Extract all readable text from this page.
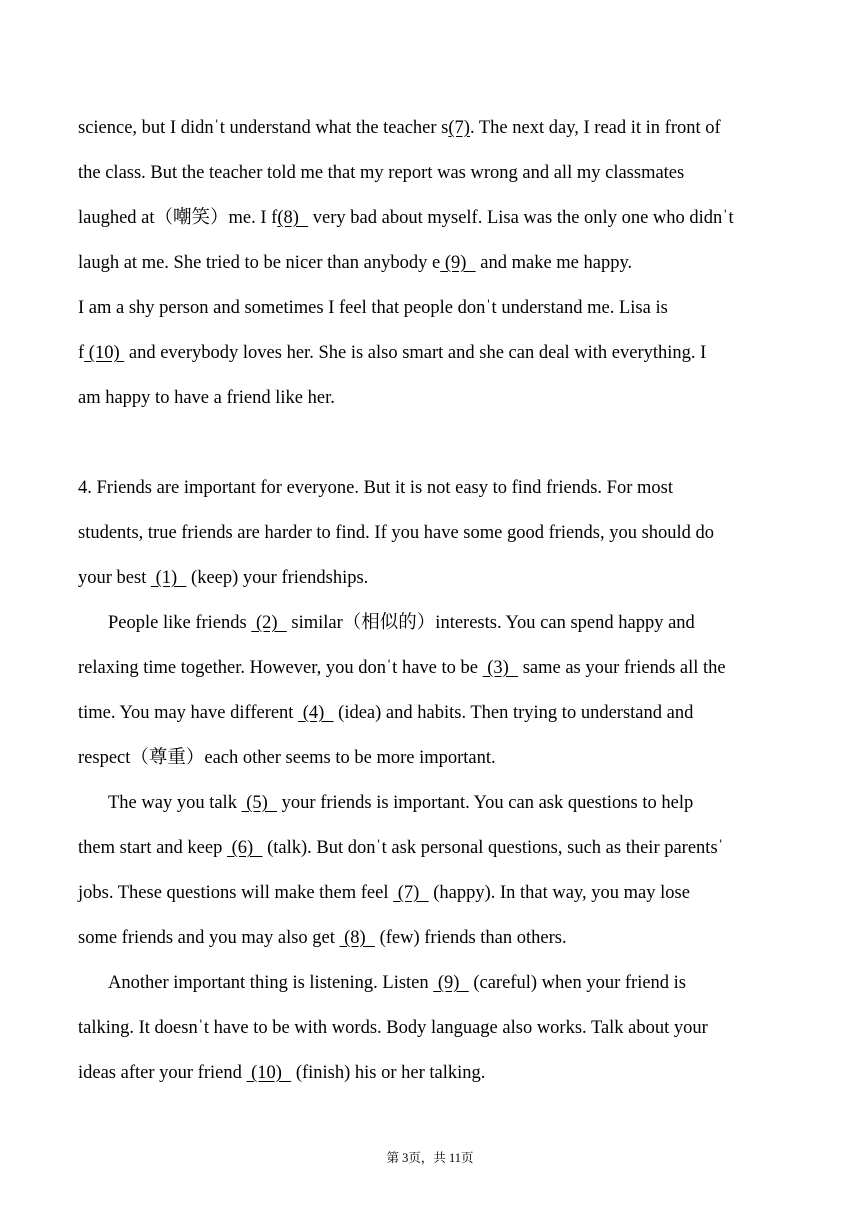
science, but I didnˈt understand what the teacher s(7). The next day, I read it in front of
the class. But the teacher told me that my report was wrong and all my classmates
laughed at（嘲笑）me. I f(8)   very bad about myself. Lisa was the only one who didnˈt
laugh at me. She tried to be nicer than anybody e (9)   and make me happy.
I am a shy person and sometimes I feel that people donˈt understand me. Lisa is
f (10)  and everybody loves her. She is also smart and she can deal with everything. I
am happy to have a friend like her.
4. Friends are important for everyone. But it is not easy to find friends. For most
students, true friends are harder to find. If you have some good friends, you should do
your best  (1)   (keep) your friendships.
People like friends  (2)   similar（相似的）interests. You can spend happy and
relaxing time together. However, you donˈt have to be  (3)   same as your friends all the
time. You may have different  (4)   (idea) and habits. Then trying to understand and
respect（尊重）each other seems to be more important.
The way you talk  (5)   your friends is important. You can ask questions to help
them start and keep  (6)   (talk). But donˈt ask personal questions, such as their parentsˈ
jobs. These questions will make them feel  (7)   (happy). In that way, you may lose
some friends and you may also get  (8)   (few) friends than others.
Another important thing is listening. Listen  (9)   (careful) when your friend is
talking. It doesnˈt have to be with words. Body language also works. Talk about your
ideas after your friend  (10)   (finish) his or her talking.
第 3页，共 11页
